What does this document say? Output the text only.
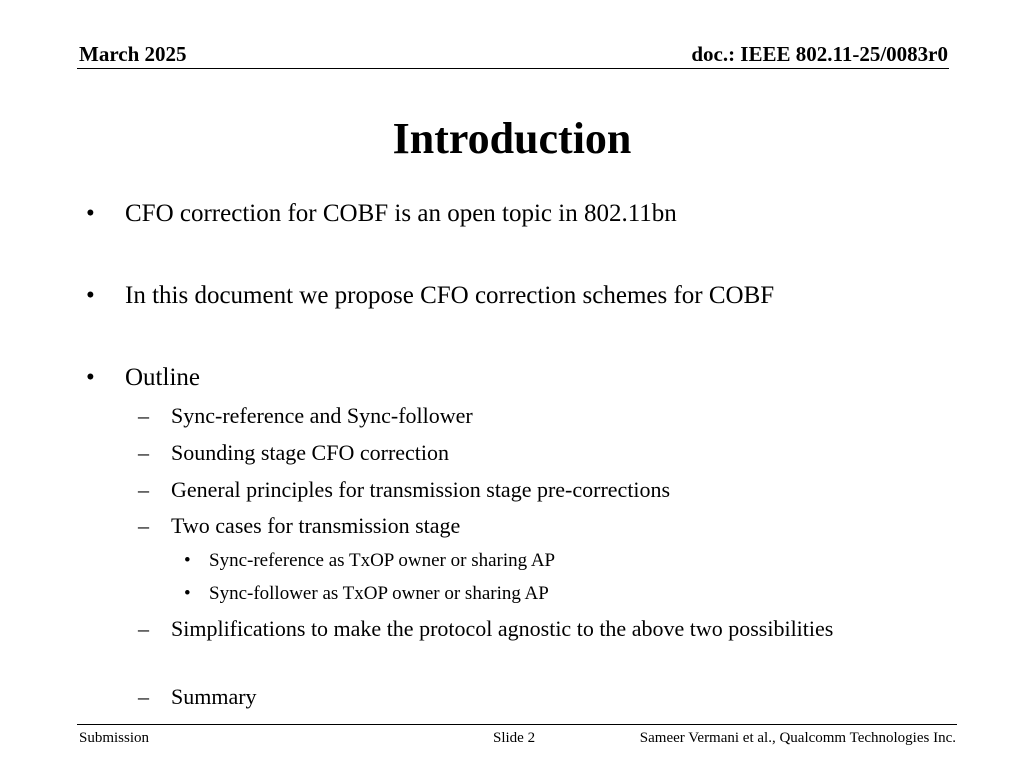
March 2025	doc.: IEEE 802.11-25/0083r0
Introduction
• CFO correction for COBF is an open topic in 802.11bn
• In this document we propose CFO correction schemes for COBF
• Outline
– Sync-reference and Sync-follower
– Sounding stage CFO correction
– General principles for transmission stage pre-corrections
– Two cases for transmission stage
• Sync-reference as TxOP owner or sharing AP
• Sync-follower as TxOP owner or sharing AP
– Simplifications to make the protocol agnostic to the above two possibilities
– Summary
Submission	Slide 2	Sameer Vermani et al., Qualcomm Technologies Inc.
